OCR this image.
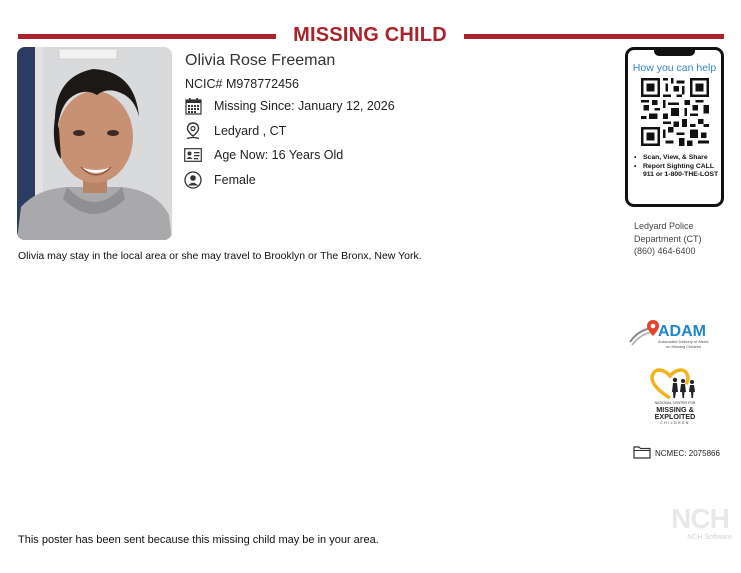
MISSING CHILD
Olivia Rose Freeman
NCIC# M978772456
Missing Since: January 12, 2026
Ledyard , CT
Age Now: 16 Years Old
Female
Olivia may stay in the local area or she may travel to Brooklyn or The Bronx, New York.
How you can help
• Scan, View, & Share
• Report Sighting CALL 911 or 1-800-THE-LOST
Ledyard Police
Department (CT)
(860) 464-6400
ADAM
Automated Delivery of Alerts
on Missing Children
NATIONAL CENTER FOR
MISSING &
EXPLOITED
CHILDREN
NCMEC: 2075866
NCH
NCH Software
This poster has been sent because this missing child may be in your area.
